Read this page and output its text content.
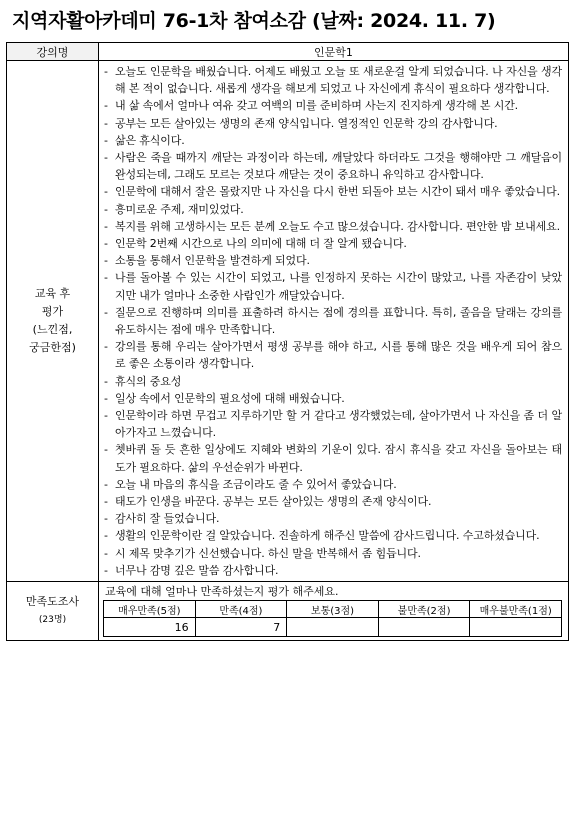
지역자활아카데미 76-1차 참여소감 (날짜: 2024. 11. 7)
강의명	인문학1

교육 후
평가
(느낀점,
궁금한점)

- 오늘도 인문학을 배웠습니다. 어제도 배웠고 오늘 또 새로운걸 알게 되었습니다. 나 자신을 생각해 본 적이 없습니다. 새롭게 생각을 해보게 되었고 나 자신에게 휴식이 필요하다 생각합니다.
- 내 삶 속에서 얼마나 여유 갖고 여백의 미를 준비하며 사는지 진지하게 생각해 본 시간.
- 공부는 모든 살아있는 생명의 존재 양식입니다. 열정적인 인문학 강의 감사합니다.
- 삶은 휴식이다.
- 사람은 죽을 때까지 깨닫는 과정이라 하는데, 깨달았다 하더라도 그것을 행해야만 그 깨달음이 완성되는데, 그래도 모르는 것보다 깨닫는 것이 중요하니 유익하고 감사합니다.
- 인문학에 대해서 잘은 몰랐지만 나 자신을 다시 한번 되돌아 보는 시간이 돼서 매우 좋았습니다.
- 흥미로운 주제, 재미있었다.
- 복지를 위해 고생하시는 모든 분께 오늘도 수고 많으셨습니다. 감사합니다. 편안한 밤 보내세요.
- 인문학 2번째 시간으로 나의 의미에 대해 더 잘 알게 됐습니다.
- 소통을 통해서 인문학을 발견하게 되었다.
- 나를 돌아볼 수 있는 시간이 되었고, 나를 인정하지 못하는 시간이 많았고, 나를 자존감이 낮았지만 내가 얼마나 소중한 사람인가 깨달았습니다.
- 질문으로 진행하며 의미를 표출하려 하시는 점에 경의를 표합니다. 특히, 졸음을 달래는 강의를 유도하시는 점에 매우 만족합니다.
- 강의를 통해 우리는 살아가면서 평생 공부를 해야 하고, 시를 통해 많은 것을 배우게 되어 참으로 좋은 소통이라 생각합니다.
- 휴식의 중요성
- 일상 속에서 인문학의 필요성에 대해 배웠습니다.
- 인문학이라 하면 무겁고 지루하기만 할 거 같다고 생각했었는데, 살아가면서 나 자신을 좀 더 알아가자고 느꼈습니다.
- 쳇바퀴 돌 듯 흔한 일상에도 지혜와 변화의 기운이 있다. 잠시 휴식을 갖고 자신을 돌아보는 태도가 필요하다. 삶의 우선순위가 바뀐다.
- 오늘 내 마음의 휴식을 조금이라도 줄 수 있어서 좋았습니다.
- 태도가 인생을 바꾼다. 공부는 모든 살아있는 생명의 존재 양식이다.
- 감사히 잘 들었습니다.
- 생활의 인문학이란 걸 알았습니다. 진솔하게 해주신 말씀에 감사드립니다. 수고하셨습니다.
- 시 제목 맞추기가 신선했습니다. 하신 말을 반복해서 좀 힘듭니다.
- 너무나 감명 깊은 말씀 감사합니다.

만족도조사
(23명)

교육에 대해 얼마나 만족하셨는지 평가 해주세요.
매우만족(5점)	만족(4점)	보통(3점)	불만족(2점)	매우불만족(1점)
16	7			
